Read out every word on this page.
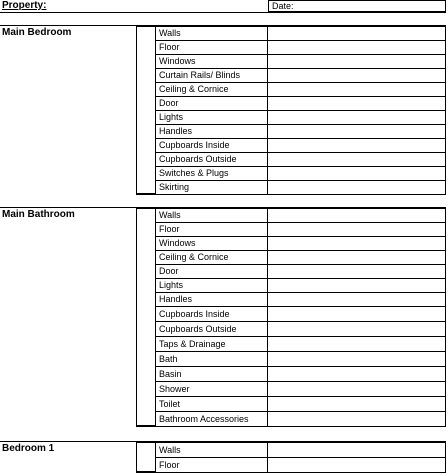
Property:	Date:
Main Bedroom	Walls
Floor
Windows
Curtain Rails/ Blinds
Ceiling & Cornice
Door
Lights
Handles
Cupboards Inside
Cupboards Outside
Switches & Plugs
Skirting
Main Bathroom	Walls
Floor
Windows
Ceiling & Cornice
Door
Lights
Handles
Cupboards Inside
Cupboards Outside
Taps & Drainage
Bath
Basin
Shower
Toilet
Bathroom Accessories
Bedroom 1	Walls
Floor
